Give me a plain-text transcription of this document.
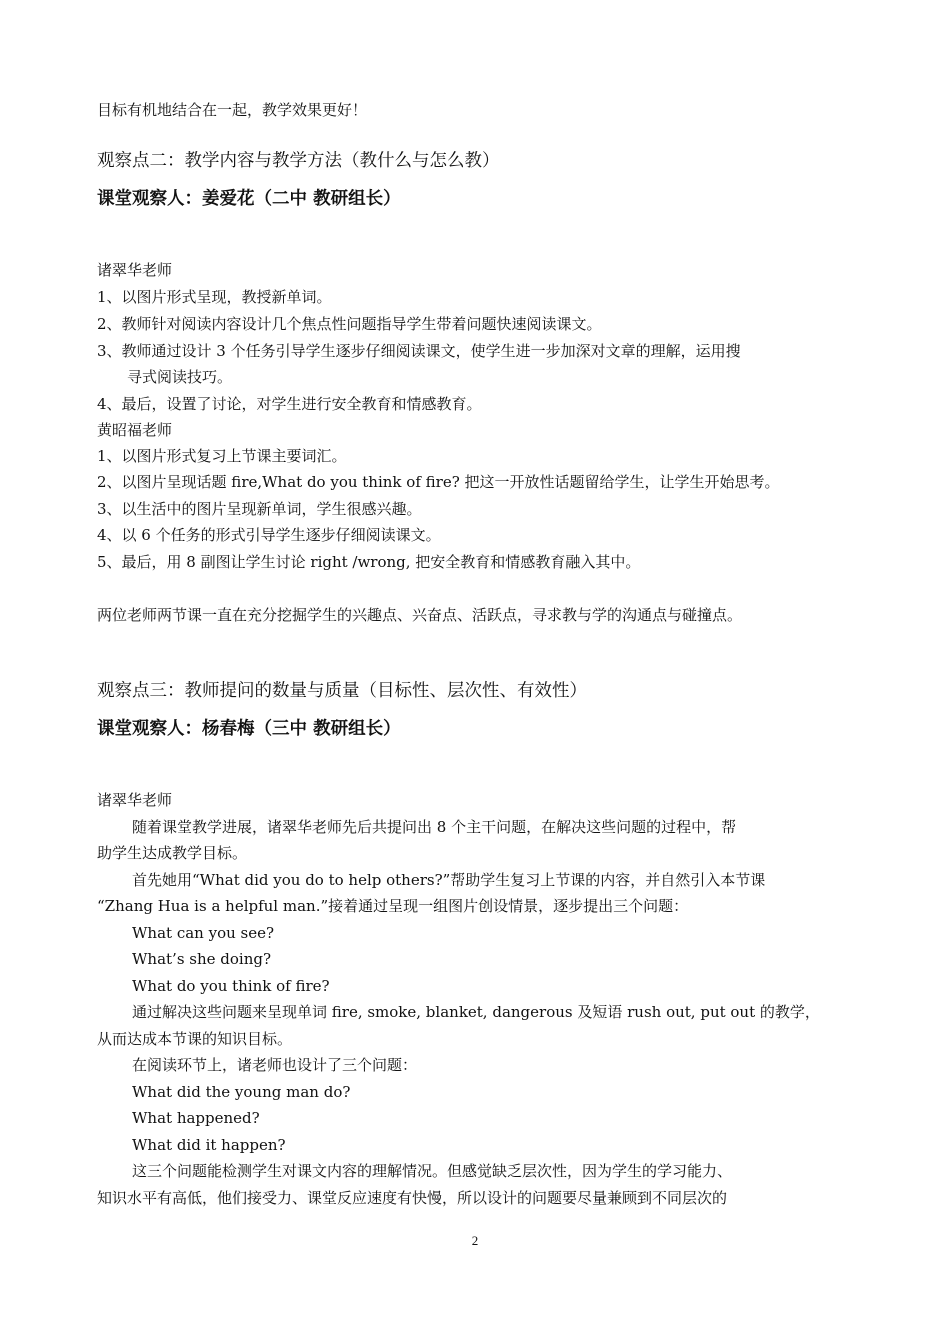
目标有机地结合在一起，教学效果更好！
观察点二：教学内容与教学方法（教什么与怎么教）
课堂观察人：姜爱花（二中 教研组长）
诸翠华老师
1、以图片形式呈现，教授新单词。
2、教师针对阅读内容设计几个焦点性问题指导学生带着问题快速阅读课文。
3、教师通过设计 3 个任务引导学生逐步仔细阅读课文，使学生进一步加深对文章的理解，运用搜
寻式阅读技巧。
4、最后，设置了讨论，对学生进行安全教育和情感教育。
黄昭福老师
1、以图片形式复习上节课主要词汇。
2、以图片呈现话题 fire,What do you think of fire? 把这一开放性话题留给学生，让学生开始思考。
3、以生活中的图片呈现新单词，学生很感兴趣。
4、以 6 个任务的形式引导学生逐步仔细阅读课文。
5、最后，用 8 副图让学生讨论 right /wrong, 把安全教育和情感教育融入其中。
两位老师两节课一直在充分挖掘学生的兴趣点、兴奋点、活跃点，寻求教与学的沟通点与碰撞点。
观察点三：教师提问的数量与质量（目标性、层次性、有效性）
课堂观察人：杨春梅（三中 教研组长）
诸翠华老师
随着课堂教学进展，诸翠华老师先后共提问出 8 个主干问题，在解决这些问题的过程中，帮
助学生达成教学目标。
首先她用“What did you do to help others?”帮助学生复习上节课的内容，并自然引入本节课
“Zhang Hua is a helpful man.”接着通过呈现一组图片创设情景，逐步提出三个问题：
What can you see?
What’s she doing?
What do you think of fire?
通过解决这些问题来呈现单词 fire, smoke, blanket, dangerous 及短语 rush out, put out 的教学，
从而达成本节课的知识目标。
在阅读环节上，诸老师也设计了三个问题：
What did the young man do?
What happened?
What did it happen?
这三个问题能检测学生对课文内容的理解情况。但感觉缺乏层次性，因为学生的学习能力、
知识水平有高低，他们接受力、课堂反应速度有快慢，所以设计的问题要尽量兼顾到不同层次的
2
